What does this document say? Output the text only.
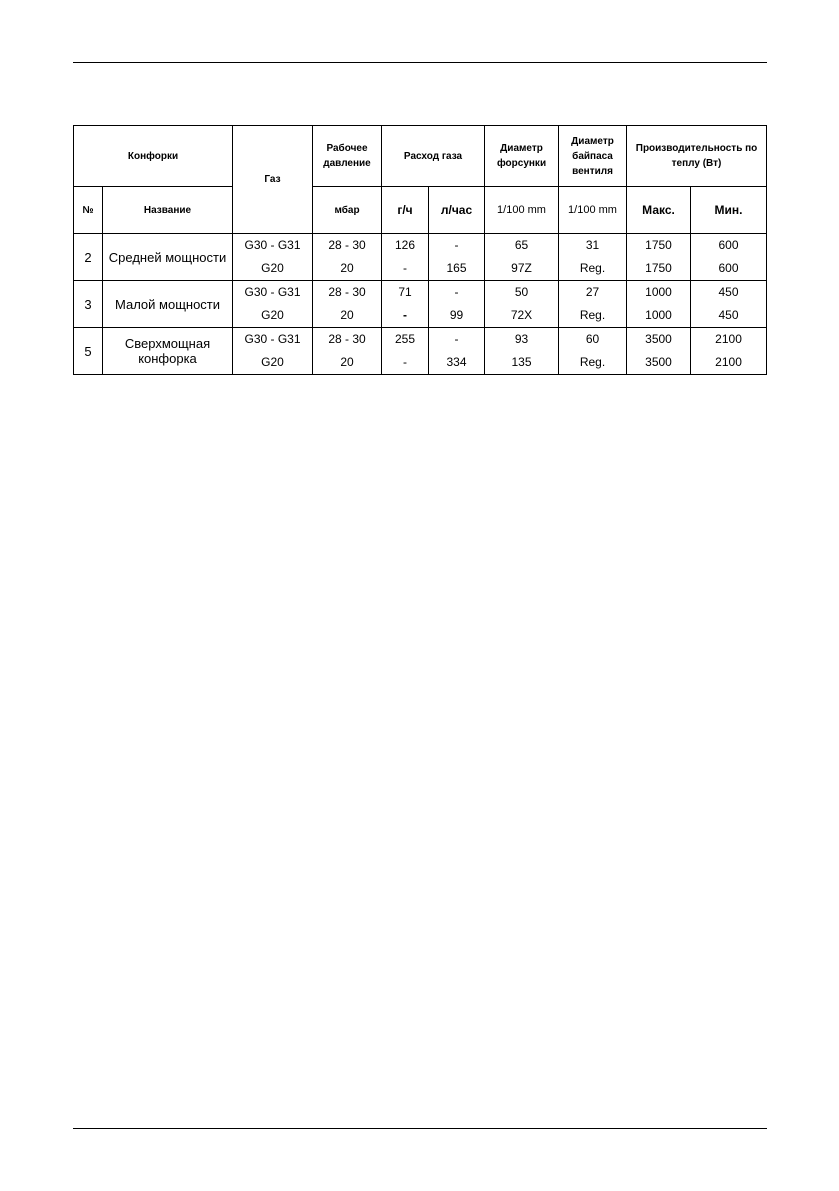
Конфорки		Газ	Рабочее давление	Расход газа		Диаметр форсунки	Диаметр байпаса вентиля	Производительность по теплу (Вт)	
№	Название		мбар	г/ч	л/час	1/100 mm	1/100 mm	Макс.	Мин.
2	Средней мощности	G30 - G31	28 - 30	126	-	65	31	1750	600
		G20	20	-	165	97Z	Reg.	1750	600
3	Малой мощности	G30 - G31	28 - 30	71	-	50	27	1000	450
		G20	20	-	99	72X	Reg.	1000	450
5	Сверхмощная конфорка	G30 - G31	28 - 30	255	-	93	60	3500	2100
		G20	20	-	334	135	Reg.	3500	2100
